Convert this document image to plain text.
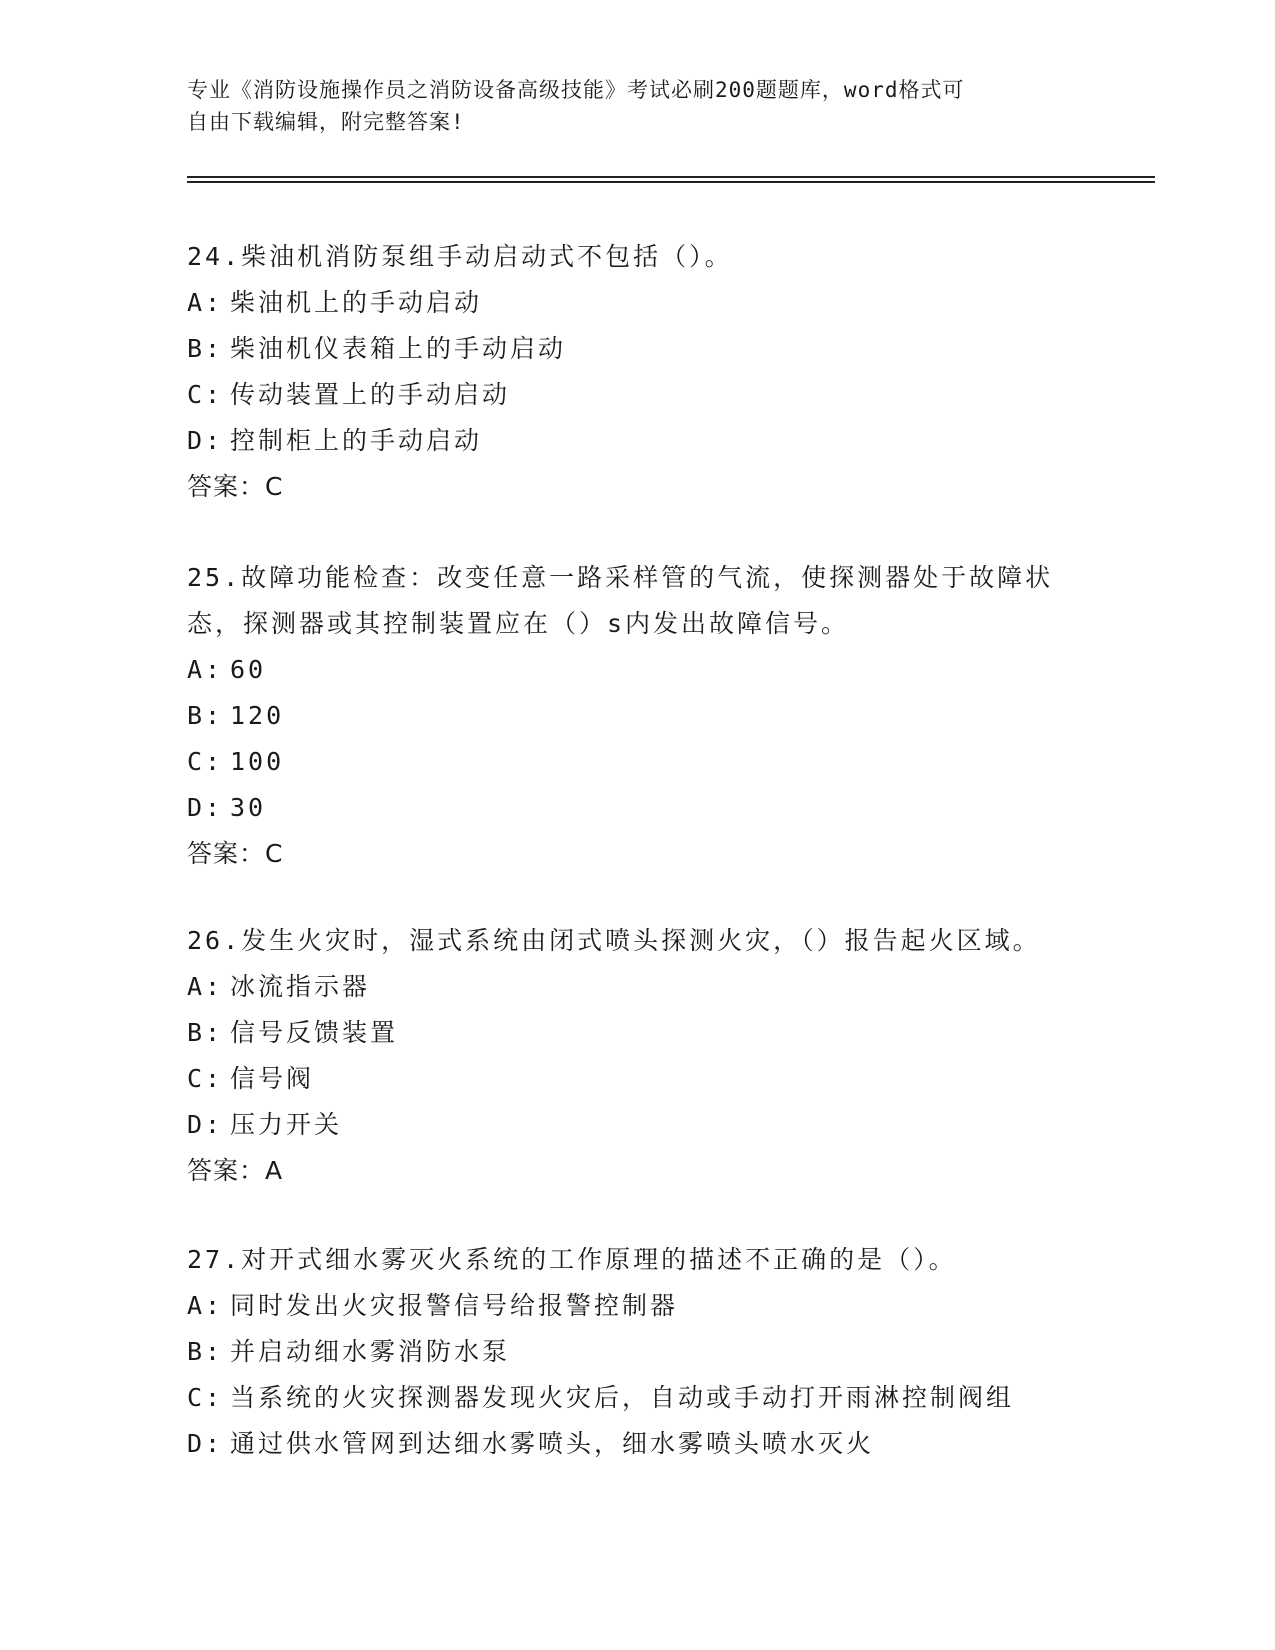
专业《消防设施操作员之消防设备高级技能》考试必刷200题题库，word格式可
自由下载编辑，附完整答案!
24.柴油机消防泵组手动启动式不包括（）。
A: 柴油机上的手动启动
B: 柴油机仪表箱上的手动启动
C: 传动装置上的手动启动
D: 控制柜上的手动启动
答案：C
25.故障功能检查：改变任意一路采样管的气流，使探测器处于故障状
态，探测器或其控制装置应在（）s内发出故障信号。
A: 60
B: 120
C: 100
D: 30
答案：C
26.发生火灾时，湿式系统由闭式喷头探测火灾，（）报告起火区域。
A: 冰流指示器
B: 信号反馈装置
C: 信号阀
D: 压力开关
答案：A
27.对开式细水雾灭火系统的工作原理的描述不正确的是（）。
A: 同时发出火灾报警信号给报警控制器
B: 并启动细水雾消防水泵
C: 当系统的火灾探测器发现火灾后，自动或手动打开雨淋控制阀组
D: 通过供水管网到达细水雾喷头，细水雾喷头喷水灭火
